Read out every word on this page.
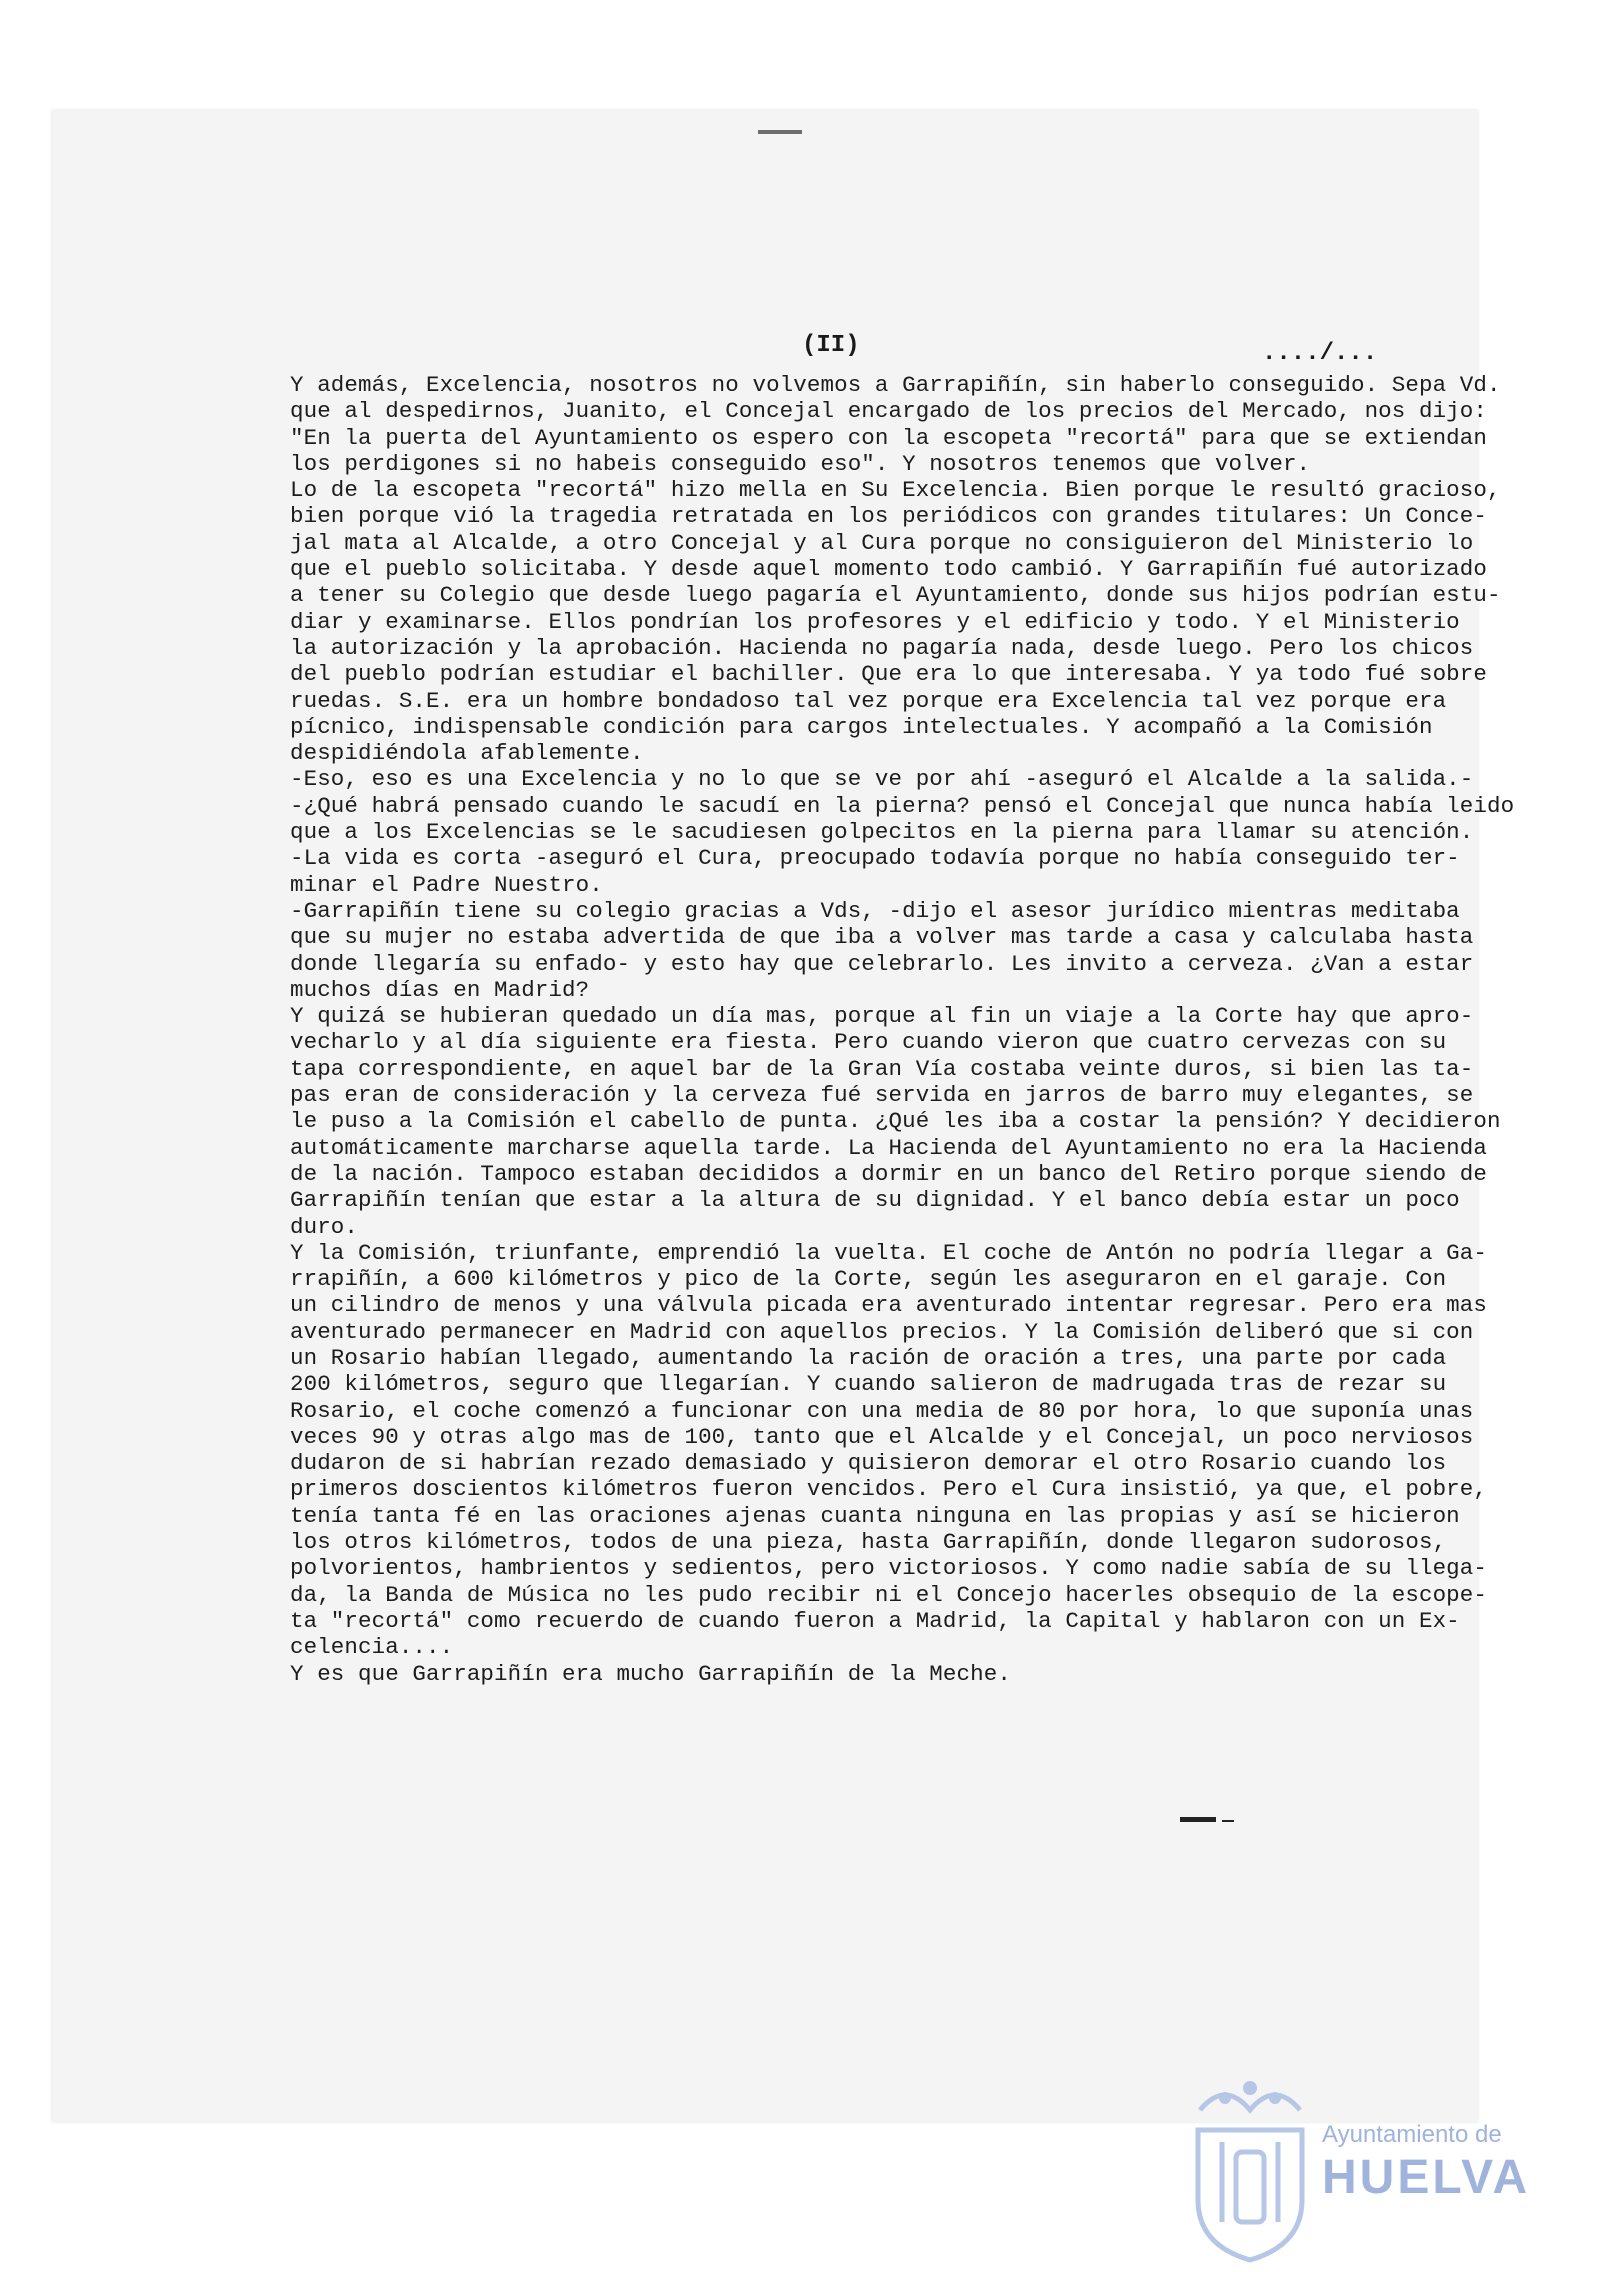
(II)	..../...
Y además, Excelencia, nosotros no volvemos a Garrapiñín, sin haberlo conseguido. Sepa Vd.
que al despedirnos, Juanito, el Concejal encargado de los precios del Mercado, nos dijo:
"En la puerta del Ayuntamiento os espero con la escopeta "recortá" para que se extiendan
los perdigones si no habeis conseguido eso". Y nosotros tenemos que volver.
Lo de la escopeta "recortá" hizo mella en Su Excelencia. Bien porque le resultó gracioso,
bien porque vió la tragedia retratada en los periódicos con grandes titulares: Un Conce-
jal mata al Alcalde, a otro Concejal y al Cura porque no consiguieron del Ministerio lo
que el pueblo solicitaba. Y desde aquel momento todo cambió. Y Garrapiñín fué autorizado
a tener su Colegio que desde luego pagaría el Ayuntamiento, donde sus hijos podrían estu-
diar y examinarse. Ellos pondrían los profesores y el edificio y todo. Y el Ministerio
la autorización y la aprobación. Hacienda no pagaría nada, desde luego. Pero los chicos
del pueblo podrían estudiar el bachiller. Que era lo que interesaba. Y ya todo fué sobre
ruedas. S.E. era un hombre bondadoso tal vez porque era Excelencia tal vez porque era
pícnico, indispensable condición para cargos intelectuales. Y acompañó a la Comisión
despidiéndola afablemente.
-Eso, eso es una Excelencia y no lo que se ve por ahí -aseguró el Alcalde a la salida.-
-¿Qué habrá pensado cuando le sacudí en la pierna? pensó el Concejal que nunca había leido
que a los Excelencias se le sacudiesen golpecitos en la pierna para llamar su atención.
-La vida es corta -aseguró el Cura, preocupado todavía porque no había conseguido ter-
minar el Padre Nuestro.
-Garrapiñín tiene su colegio gracias a Vds, -dijo el asesor jurídico mientras meditaba
que su mujer no estaba advertida de que iba a volver mas tarde a casa y calculaba hasta
donde llegaría su enfado- y esto hay que celebrarlo. Les invito a cerveza. ¿Van a estar
muchos días en Madrid?
Y quizá se hubieran quedado un día mas, porque al fin un viaje a la Corte hay que apro-
vecharlo y al día siguiente era fiesta. Pero cuando vieron que cuatro cervezas con su
tapa correspondiente, en aquel bar de la Gran Vía costaba veinte duros, si bien las ta-
pas eran de consideración y la cerveza fué servida en jarros de barro muy elegantes, se
le puso a la Comisión el cabello de punta. ¿Qué les iba a costar la pensión? Y decidieron
automáticamente marcharse aquella tarde. La Hacienda del Ayuntamiento no era la Hacienda
de la nación. Tampoco estaban decididos a dormir en un banco del Retiro porque siendo de
Garrapiñín tenían que estar a la altura de su dignidad. Y el banco debía estar un poco
duro.
Y la Comisión, triunfante, emprendió la vuelta. El coche de Antón no podría llegar a Ga-
rrapiñín, a 600 kilómetros y pico de la Corte, según les aseguraron en el garaje. Con
un cilindro de menos y una válvula picada era aventurado intentar regresar. Pero era mas
aventurado permanecer en Madrid con aquellos precios. Y la Comisión deliberó que si con
un Rosario habían llegado, aumentando la ración de oración a tres, una parte por cada
200 kilómetros, seguro que llegarían. Y cuando salieron de madrugada tras de rezar su
Rosario, el coche comenzó a funcionar con una media de 80 por hora, lo que suponía unas
veces 90 y otras algo mas de 100, tanto que el Alcalde y el Concejal, un poco nerviosos
dudaron de si habrían rezado demasiado y quisieron demorar el otro Rosario cuando los
primeros doscientos kilómetros fueron vencidos. Pero el Cura insistió, ya que, el pobre,
tenía tanta fé en las oraciones ajenas cuanta ninguna en las propias y así se hicieron
los otros kilómetros, todos de una pieza, hasta Garrapiñín, donde llegaron sudorosos,
polvorientos, hambrientos y sedientos, pero victoriosos. Y como nadie sabía de su llega-
da, la Banda de Música no les pudo recibir ni el Concejo hacerles obsequio de la escope-
ta "recortá" como recuerdo de cuando fueron a Madrid, la Capital y hablaron con un Ex-
celencia....
Y es que Garrapiñín era mucho Garrapiñín de la Meche.
Ayuntamiento de
HUELVA
